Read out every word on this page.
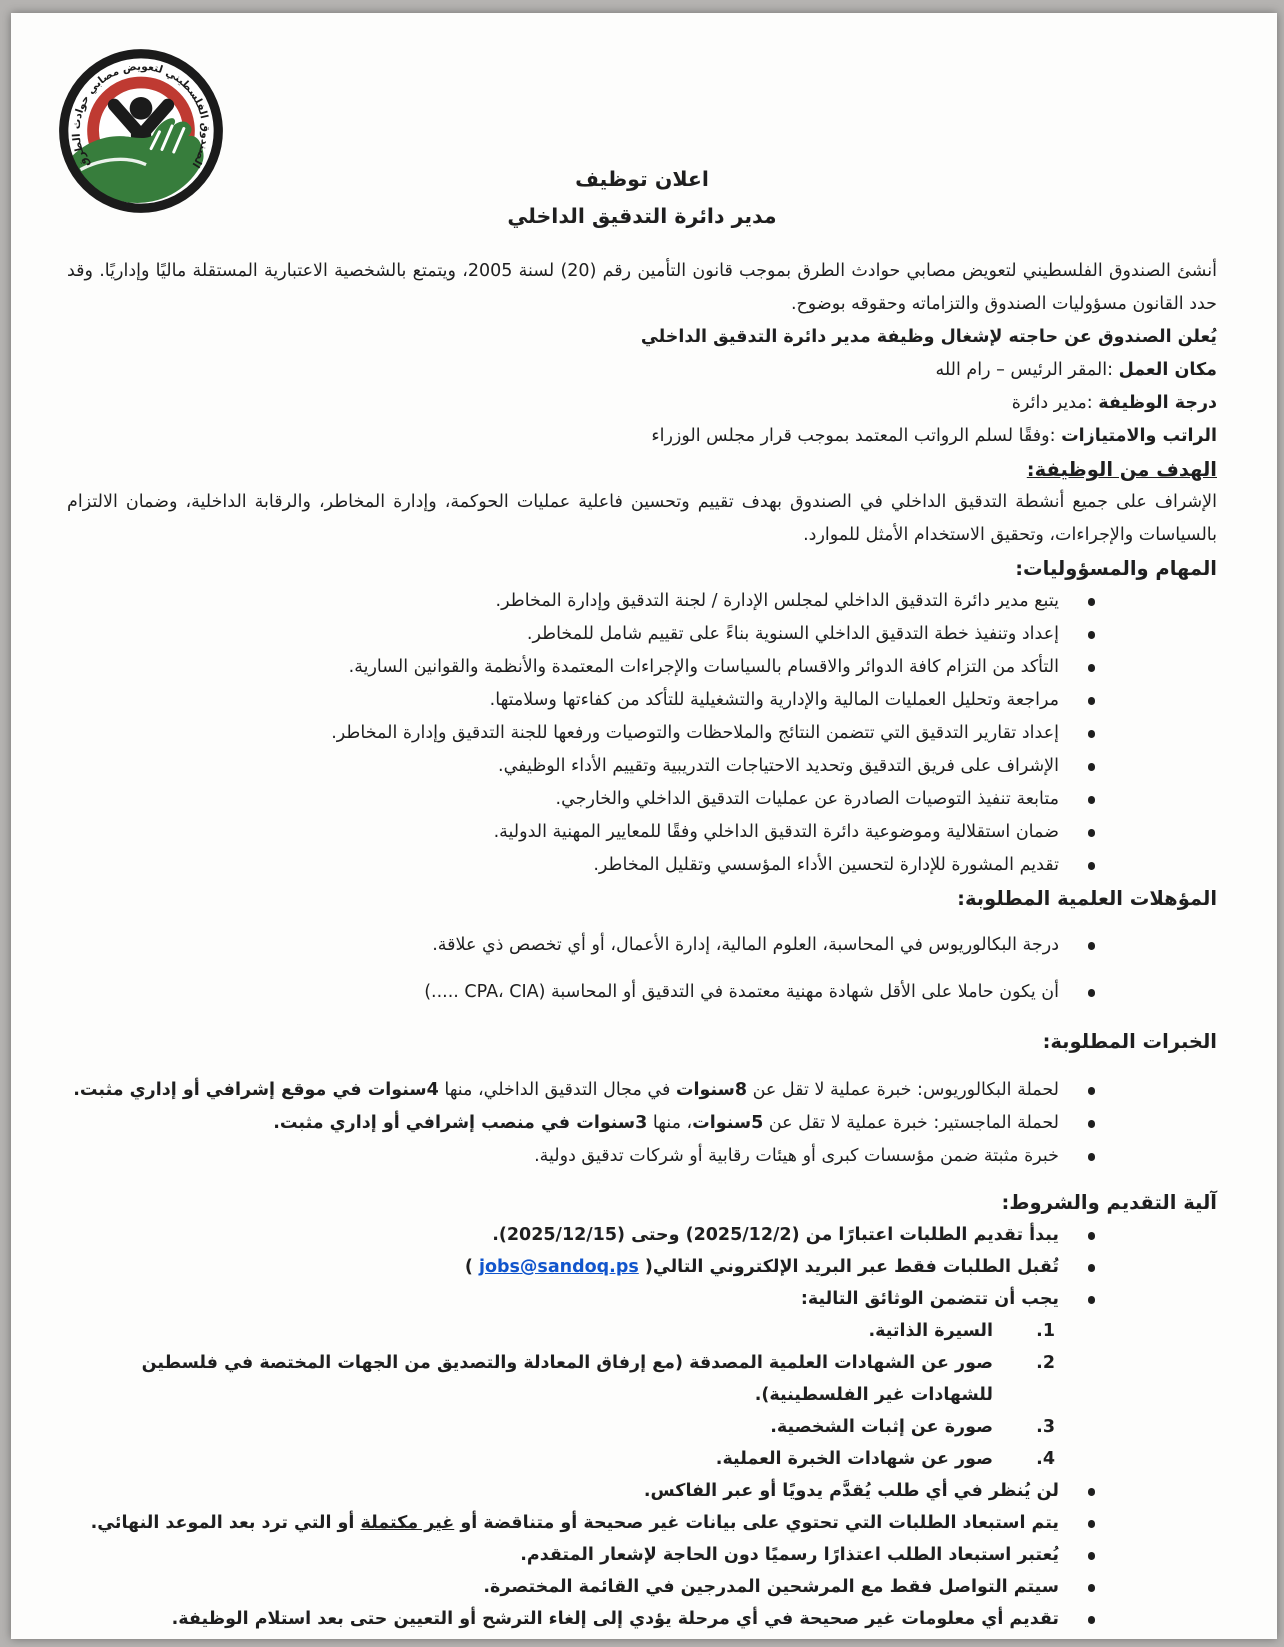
الصندوق الفلسطيني لتعويض مصابي حوادث الطرق
اعلان توظيف
مدير دائرة التدقيق الداخلي
أنشئ الصندوق الفلسطيني لتعويض مصابي حوادث الطرق بموجب قانون التأمين رقم (20) لسنة 2005، ويتمتع بالشخصية الاعتبارية المستقلة ماليًا وإداريًا. وقد حدد القانون مسؤوليات الصندوق والتزاماته وحقوقه بوضوح.
يُعلن الصندوق عن حاجته لإشغال وظيفة مدير دائرة التدقيق الداخلي
مكان العمل :المقر الرئيس – رام الله
درجة الوظيفة :مدير دائرة
الراتب والامتيازات :وفقًا لسلم الرواتب المعتمد بموجب قرار مجلس الوزراء
الهدف من الوظيفة:
الإشراف على جميع أنشطة التدقيق الداخلي في الصندوق بهدف تقييم وتحسين فاعلية عمليات الحوكمة، وإدارة المخاطر، والرقابة الداخلية، وضمان الالتزام بالسياسات والإجراءات، وتحقيق الاستخدام الأمثل للموارد.
المهام والمسؤوليات:
يتبع مدير دائرة التدقيق الداخلي لمجلس الإدارة / لجنة التدقيق وإدارة المخاطر.
إعداد وتنفيذ خطة التدقيق الداخلي السنوية بناءً على تقييم شامل للمخاطر.
التأكد من التزام كافة الدوائر والاقسام بالسياسات والإجراءات المعتمدة والأنظمة والقوانين السارية.
مراجعة وتحليل العمليات المالية والإدارية والتشغيلية للتأكد من كفاءتها وسلامتها.
إعداد تقارير التدقيق التي تتضمن النتائج والملاحظات والتوصيات ورفعها للجنة التدقيق وإدارة المخاطر.
الإشراف على فريق التدقيق وتحديد الاحتياجات التدريبية وتقييم الأداء الوظيفي.
متابعة تنفيذ التوصيات الصادرة عن عمليات التدقيق الداخلي والخارجي.
ضمان استقلالية وموضوعية دائرة التدقيق الداخلي وفقًا للمعايير المهنية الدولية.
تقديم المشورة للإدارة لتحسين الأداء المؤسسي وتقليل المخاطر.
المؤهلات العلمية المطلوبة:
درجة البكالوريوس في المحاسبة، العلوم المالية، إدارة الأعمال، أو أي تخصص ذي علاقة.
أن يكون حاملا على الأقل شهادة مهنية معتمدة في التدقيق أو المحاسبة (CPA، CIA .....)
الخبرات المطلوبة:
لحملة البكالوريوس: خبرة عملية لا تقل عن 8سنوات في مجال التدقيق الداخلي، منها 4سنوات في موقع إشرافي أو إداري مثبت.
لحملة الماجستير: خبرة عملية لا تقل عن 5سنوات، منها 3سنوات في منصب إشرافي أو إداري مثبت.
خبرة مثبتة ضمن مؤسسات كبرى أو هيئات رقابية أو شركات تدقيق دولية.
آلية التقديم والشروط:
يبدأ تقديم الطلبات اعتبارًا من (2025/12/2) وحتى (2025/12/15).
تُقبل الطلبات فقط عبر البريد الإلكتروني التالي( jobs@sandoq.ps )
يجب أن تتضمن الوثائق التالية:
1.
السيرة الذاتية.
2.
صور عن الشهادات العلمية المصدقة (مع إرفاق المعادلة والتصديق من الجهات المختصة في فلسطين للشهادات غير الفلسطينية).
3.
صورة عن إثبات الشخصية.
4.
صور عن شهادات الخبرة العملية.
لن يُنظر في أي طلب يُقدَّم يدويًا أو عبر الفاكس.
يتم استبعاد الطلبات التي تحتوي على بيانات غير صحيحة أو متناقضة أو غير مكتملة أو التي ترد بعد الموعد النهائي.
يُعتبر استبعاد الطلب اعتذارًا رسميًا دون الحاجة لإشعار المتقدم.
سيتم التواصل فقط مع المرشحين المدرجين في القائمة المختصرة.
تقديم أي معلومات غير صحيحة في أي مرحلة يؤدي إلى إلغاء الترشح أو التعيين حتى بعد استلام الوظيفة.
